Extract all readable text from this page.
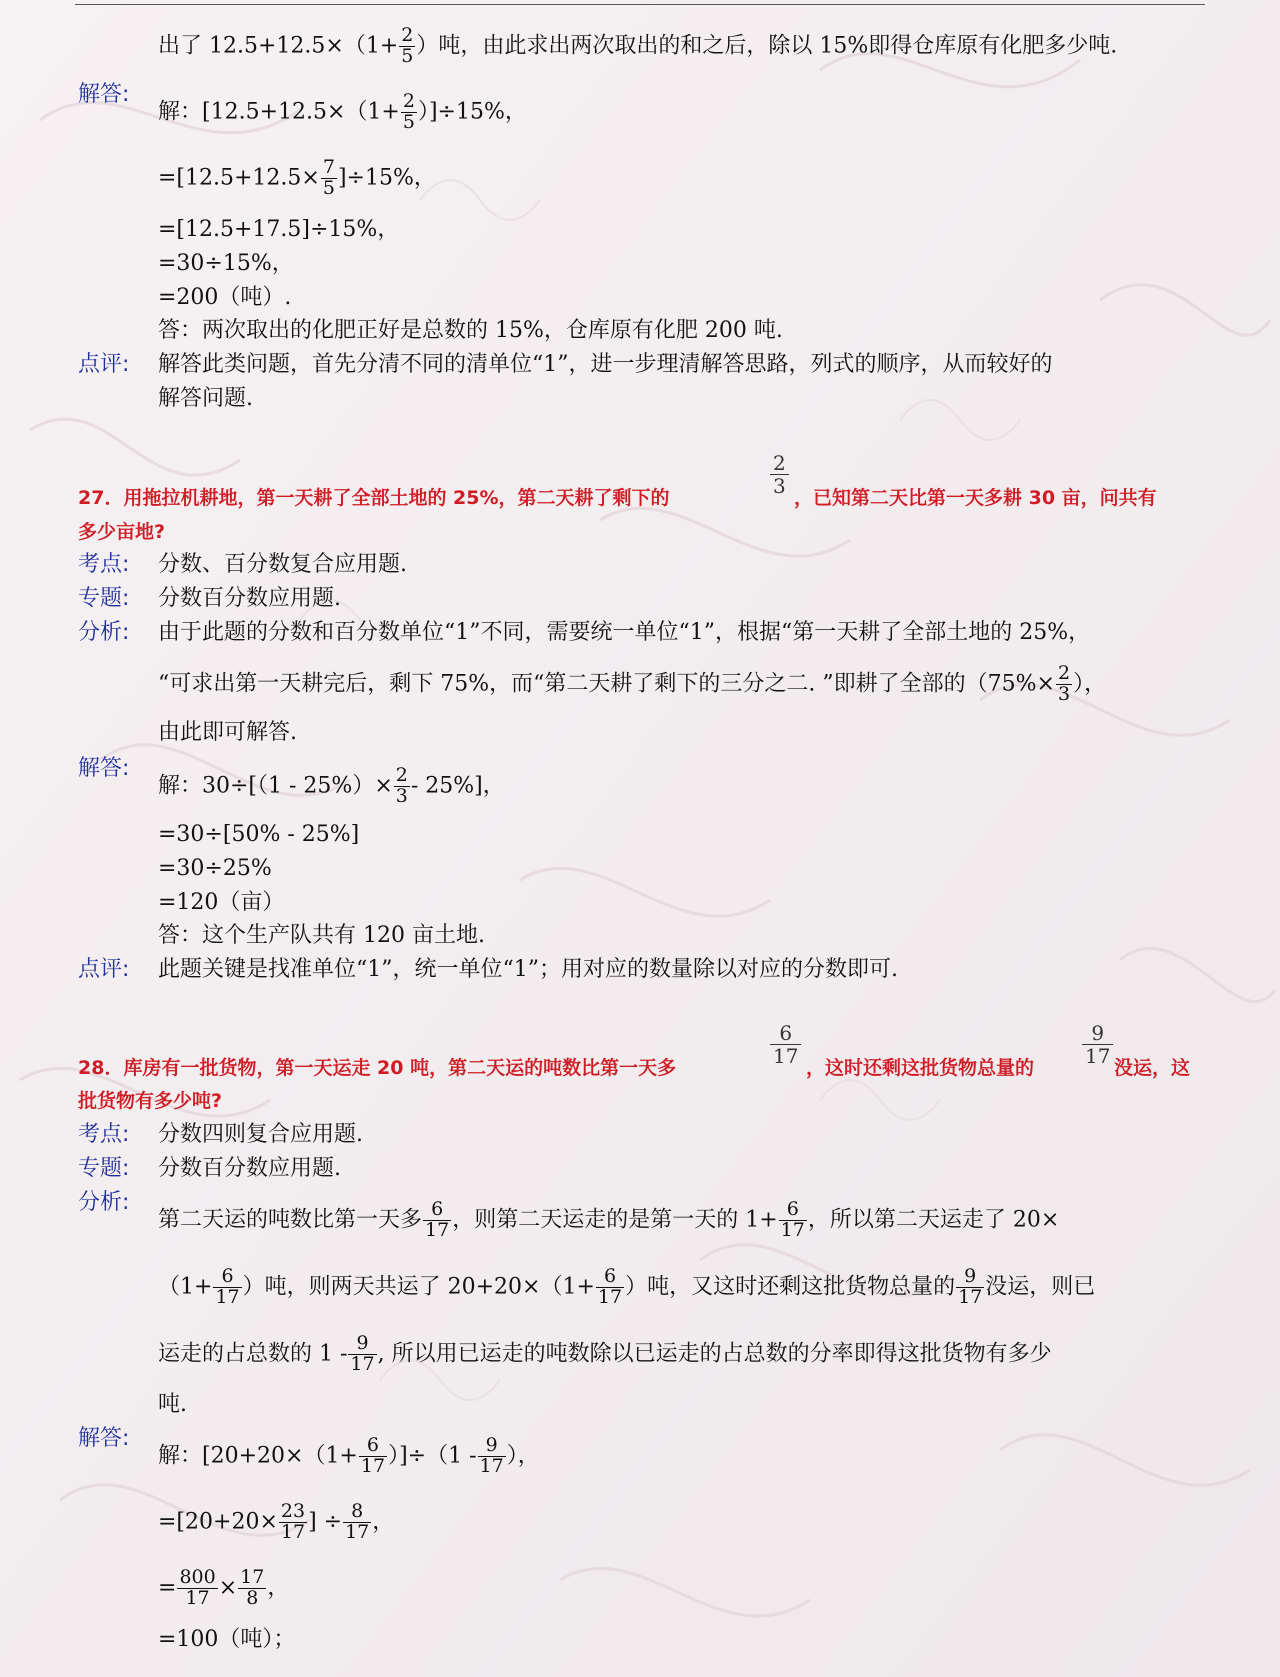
出了 $12.5+12.5\times(1+ \frac{2}{5}$ ）吨，由此求出两次取出的和之后，除以 15%即得仓库原有化肥多少吨.
解答:
解：$[12.5+12.5\times(1+ \frac{2}{5} )]\div 15\%$，
$=[12.5+12.5\times \frac{7}{5} ]\div 15\%$，
=[12.5+17.5]÷15%，
=30÷15%，
=200（吨）.
答：两次取出的化肥正好是总数的 15%，仓库原有化肥 200 吨.
点评: 解答此类问题，首先分清不同的清单位“1”，进一步理清解答思路，列式的顺序，从而较好的
解答问题.
27．用拖拉机耕地，第一天耕了全部土地的 25%，第二天耕了剩下的
$\frac{2}{3}$
，已知第二天比第一天多耕 30 亩，问共有
多少亩地?
考点: 分数、百分数复合应用题.
专题: 分数百分数应用题.
分析: 由于此题的分数和百分数单位“1”不同，需要统一单位“1”，根据“第一天耕了全部土地的 25%，
“可求出第一天耕完后，剩下 75%，而“第二天耕了剩下的三分之二. ”即耕了全部的（$75\%\times \frac{2}{3}$ ），
由此即可解答.
解答:
解：$30\div[(1 - 25\%)\times \frac{2}{3} - 25\%]$，
=30÷[50% - 25%]
=30÷25%
=120（亩）
答：这个生产队共有 120 亩土地.
点评: 此题关键是找准单位“1”，统一单位“1”；用对应的数量除以对应的分数即可.
28．库房有一批货物，第一天运走 20 吨，第二天运的吨数比第一天多
$\frac{6}{17}$
，这时还剩这批货物总量的
$\frac{9}{17}$
没运，这
批货物有多少吨?
考点: 分数四则复合应用题.
专题: 分数百分数应用题.
分析:
第二天运的吨数比第一天多 $\frac{6}{17}$ ，则第二天运走的是第一天的 $1+ \frac{6}{17}$ ，所以第二天运走了 20×
（$1+ \frac{6}{17}$ ）吨，则两天共运了 $20+20\times(1+ \frac{6}{17}$ ）吨，又这时还剩这批货物总量的 $\frac{9}{17}$ 没运，则已
运走的占总数的 $1 - \frac{9}{17}$ , 所以用已运走的吨数除以已运走的占总数的分率即得这批货物有多少
吨.
解答:
解：$[20+20\times(1+ \frac{6}{17} )]\div(1 - \frac{9}{17}$ ），
$=[20+20\times \frac{23}{17}$ ] ÷ $\frac{8}{17}$ ，
= $\frac{800}{17} \times \frac{17}{8}$ ，
=100（吨）；
